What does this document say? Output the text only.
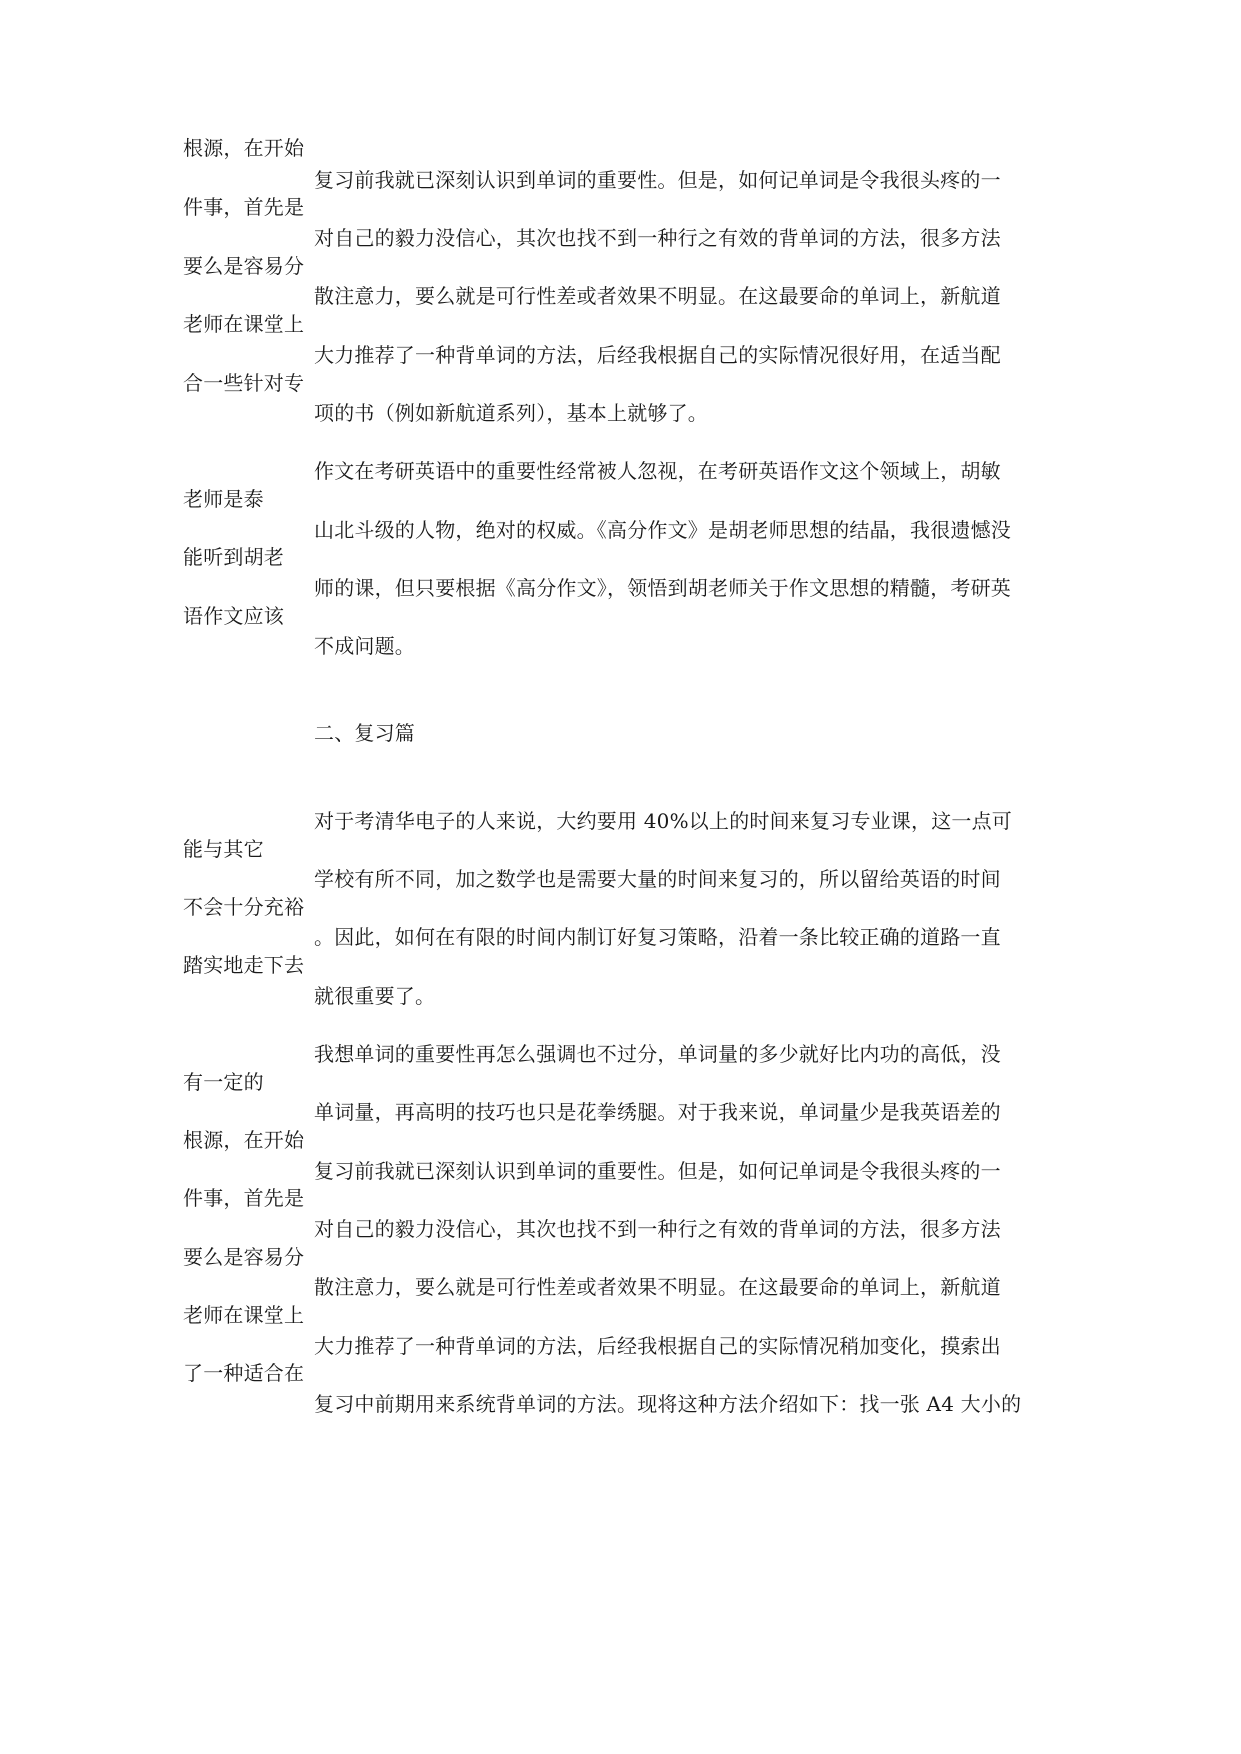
根源，在开始
复习前我就已深刻认识到单词的重要性。但是，如何记单词是令我很头疼的一
件事，首先是
对自己的毅力没信心，其次也找不到一种行之有效的背单词的方法，很多方法
要么是容易分
散注意力，要么就是可行性差或者效果不明显。在这最要命的单词上，新航道
老师在课堂上
大力推荐了一种背单词的方法，后经我根据自己的实际情况很好用，在适当配
合一些针对专
项的书（例如新航道系列），基本上就够了。
作文在考研英语中的重要性经常被人忽视，在考研英语作文这个领域上，胡敏
老师是泰
山北斗级的人物，绝对的权威。《高分作文》是胡老师思想的结晶，我很遗憾没
能听到胡老
师的课，但只要根据《高分作文》，领悟到胡老师关于作文思想的精髓，考研英
语作文应该
不成问题。
二、复习篇
对于考清华电子的人来说，大约要用 40%以上的时间来复习专业课，这一点可
能与其它
学校有所不同，加之数学也是需要大量的时间来复习的，所以留给英语的时间
不会十分充裕
。因此，如何在有限的时间内制订好复习策略，沿着一条比较正确的道路一直
踏实地走下去
就很重要了。
我想单词的重要性再怎么强调也不过分，单词量的多少就好比内功的高低，没
有一定的
单词量，再高明的技巧也只是花拳绣腿。对于我来说，单词量少是我英语差的
根源，在开始
复习前我就已深刻认识到单词的重要性。但是，如何记单词是令我很头疼的一
件事，首先是
对自己的毅力没信心，其次也找不到一种行之有效的背单词的方法，很多方法
要么是容易分
散注意力，要么就是可行性差或者效果不明显。在这最要命的单词上，新航道
老师在课堂上
大力推荐了一种背单词的方法，后经我根据自己的实际情况稍加变化，摸索出
了一种适合在
复习中前期用来系统背单词的方法。现将这种方法介绍如下：找一张 A4 大小的
